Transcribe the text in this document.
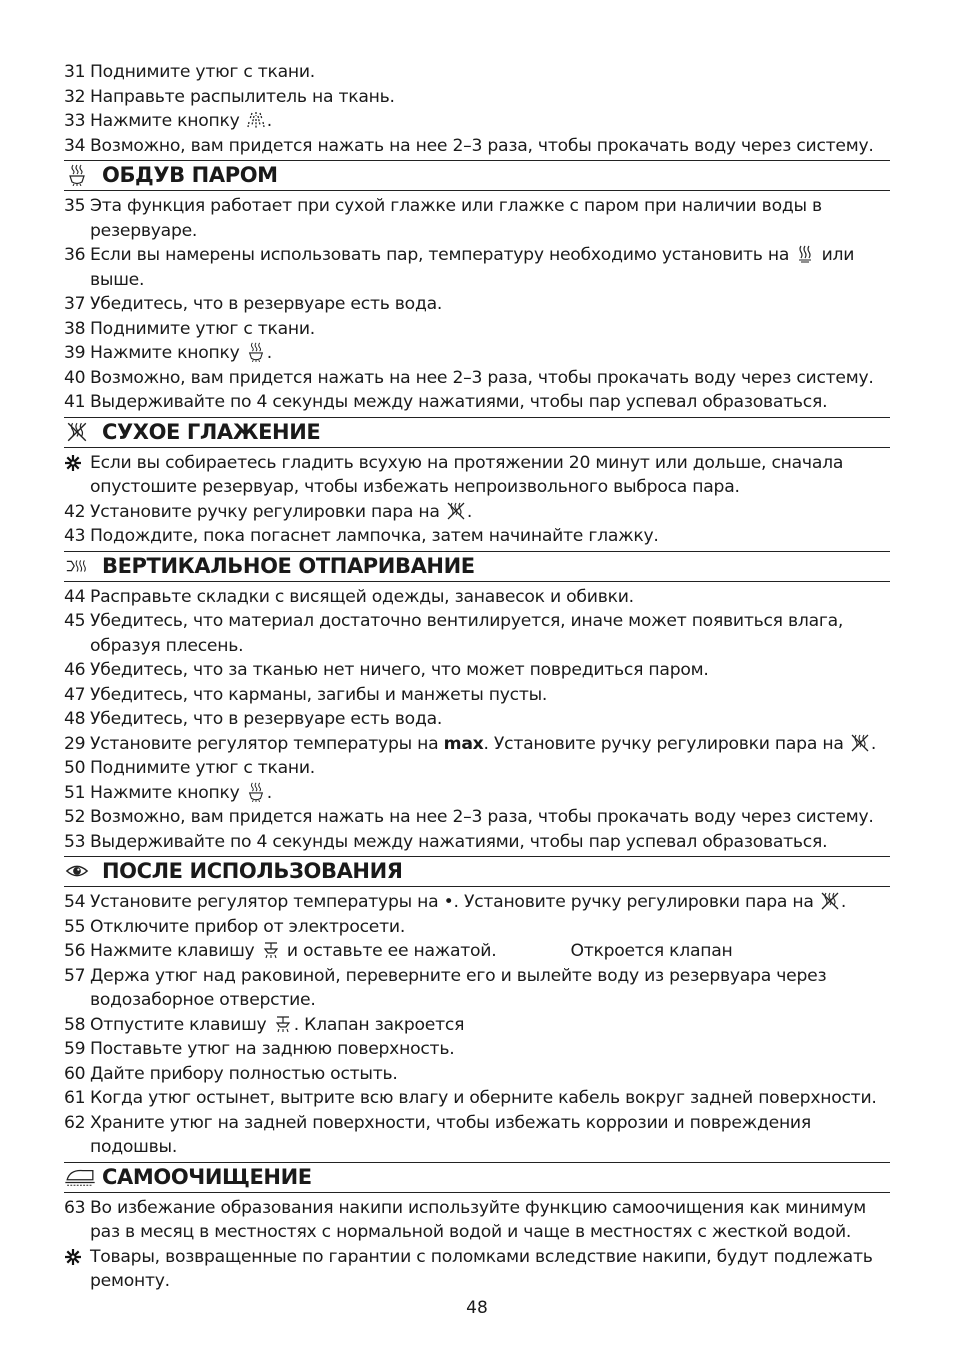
31 Поднимите утюг с ткани.
32 Направьте распылитель на ткань.
33 Нажмите кнопку
.
34 Возможно, вам придется нажать на нее 2–3 раза, чтобы прокачать воду через систему.
ОБДУВ ПАРОМ
35 Эта функция работает при сухой глажке или глажке с паром при наличии воды в резервуаре.
36 Если вы намерены использовать пар, температуру необходимо установить на
или выше.
37 Убедитесь, что в резервуаре есть вода.
38 Поднимите утюг с ткани.
39 Нажмите кнопку
.
40 Возможно, вам придется нажать на нее 2–3 раза, чтобы прокачать воду через систему.
41 Выдерживайте по 4 секунды между нажатиями, чтобы пар успевал образоваться.
СУХОЕ ГЛАЖЕНИЕ
Если вы собираетесь гладить всухую на протяжении 20 минут или дольше, сначала опустошите резервуар, чтобы избежать непроизвольного выброса пара.
42 Установите ручку регулировки пара на
.
43 Подождите, пока погаснет лампочка, затем начинайте глажку.
ВЕРТИКАЛЬНОЕ ОТПАРИВАНИЕ
44 Расправьте складки с висящей одежды, занавесок и обивки.
45 Убедитесь, что материал достаточно вентилируется, иначе может появиться влага, образуя плесень.
46 Убедитесь, что за тканью нет ничего, что может повредиться паром.
47 Убедитесь, что карманы, загибы и манжеты пусты.
48 Убедитесь, что в резервуаре есть вода.
29 Установите регулятор температуры на max. Установите ручку регулировки пара на
.
50 Поднимите утюг с ткани.
51 Нажмите кнопку
.
52 Возможно, вам придется нажать на нее 2–3 раза, чтобы прокачать воду через систему.
53 Выдерживайте по 4 секунды между нажатиями, чтобы пар успевал образоваться.
ПОСЛЕ ИСПОЛЬЗОВАНИЯ
54 Установите регулятор температуры на •. Установите ручку регулировки пара на
.
55 Отключите прибор от электросети.
56 Нажмите клавишу
и оставьте ее нажатой.	Откроется клапан
57 Держа утюг над раковиной, переверните его и вылейте воду из резервуара через водозаборное отверстие.
58 Отпустите клавишу
. Клапан закроется
59 Поставьте утюг на заднюю поверхность.
60 Дайте прибору полностью остыть.
61 Когда утюг остынет, вытрите всю влагу и оберните кабель вокруг задней поверхности.
62 Храните утюг на задней поверхности, чтобы избежать коррозии и повреждения подошвы.
САМООЧИЩЕНИЕ
63 Во избежание образования накипи используйте функцию самоочищения как минимум раз в месяц в местностях с нормальной водой и чаще в местностях с жесткой водой.
Товары, возвращенные по гарантии с поломками вследствие накипи, будут подлежать ремонту.
48
